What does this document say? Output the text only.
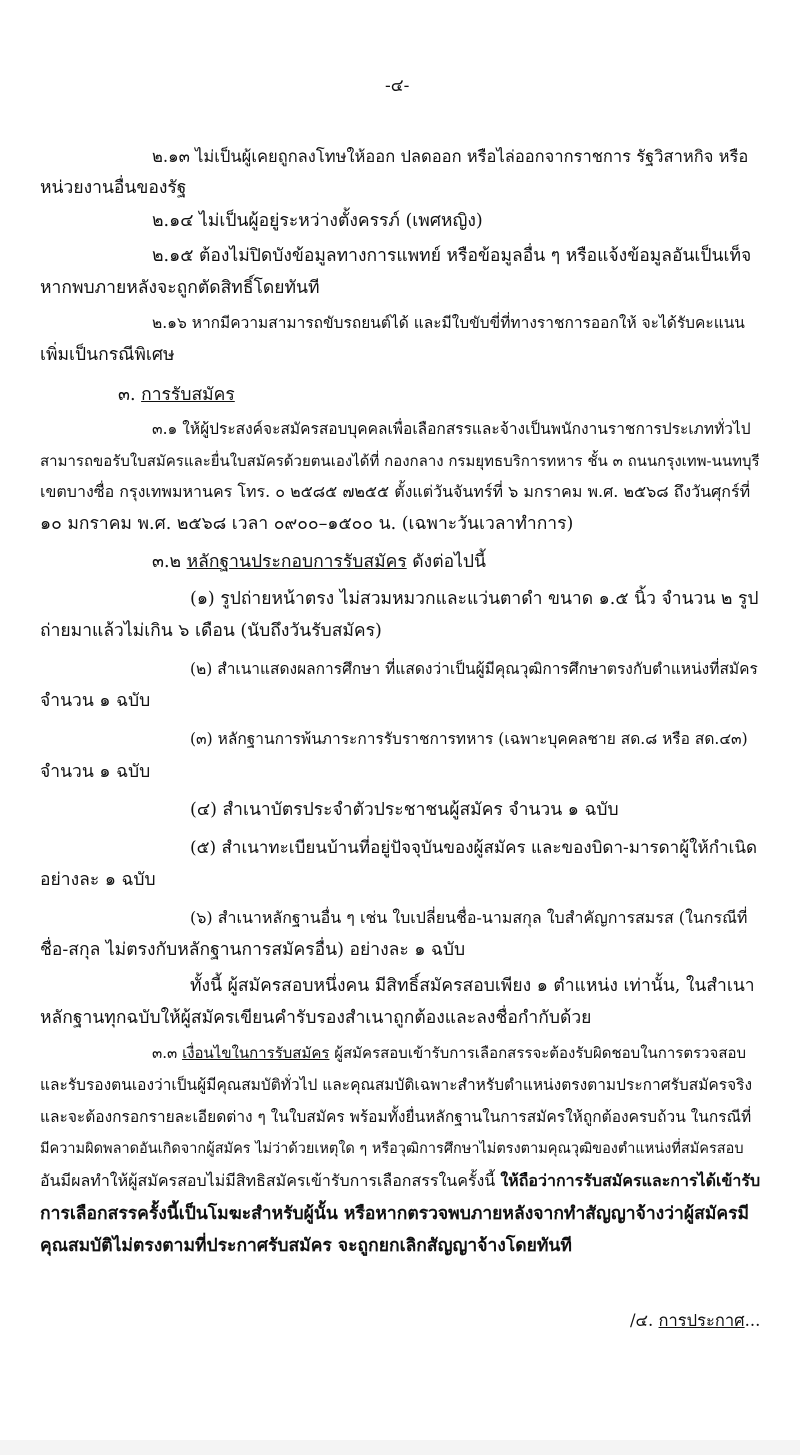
-๔-
๒.๑๓ ไม่เป็นผู้เคยถูกลงโทษให้ออก ปลดออก หรือไล่ออกจากราชการ รัฐวิสาหกิจ หรือ
หน่วยงานอื่นของรัฐ
๒.๑๔ ไม่เป็นผู้อยู่ระหว่างตั้งครรภ์ (เพศหญิง)
๒.๑๕ ต้องไม่ปิดบังข้อมูลทางการแพทย์ หรือข้อมูลอื่น ๆ หรือแจ้งข้อมูลอันเป็นเท็จ
หากพบภายหลังจะถูกตัดสิทธิ์โดยทันที
๒.๑๖ หากมีความสามารถขับรถยนต์ได้ และมีใบขับขี่ที่ทางราชการออกให้ จะได้รับคะแนน
เพิ่มเป็นกรณีพิเศษ
๓. การรับสมัคร
๓.๑ ให้ผู้ประสงค์จะสมัครสอบบุคคลเพื่อเลือกสรรและจ้างเป็นพนักงานราชการประเภททั่วไป
สามารถขอรับใบสมัครและยื่นใบสมัครด้วยตนเองได้ที่ กองกลาง กรมยุทธบริการทหาร ชั้น ๓ ถนนกรุงเทพ-นนทบุรี
เขตบางซื่อ กรุงเทพมหานคร โทร. ๐ ๒๕๘๕ ๗๒๕๕ ตั้งแต่วันจันทร์ที่ ๖ มกราคม พ.ศ. ๒๕๖๘ ถึงวันศุกร์ที่
๑๐ มกราคม พ.ศ. ๒๕๖๘ เวลา ๐๙๐๐–๑๕๐๐ น. (เฉพาะวันเวลาทำการ)
๓.๒ หลักฐานประกอบการรับสมัคร ดังต่อไปนี้
(๑) รูปถ่ายหน้าตรง ไม่สวมหมวกและแว่นตาดำ ขนาด ๑.๕ นิ้ว จำนวน ๒ รูป
ถ่ายมาแล้วไม่เกิน ๖ เดือน (นับถึงวันรับสมัคร)
(๒) สำเนาแสดงผลการศึกษา ที่แสดงว่าเป็นผู้มีคุณวุฒิการศึกษาตรงกับตำแหน่งที่สมัคร
จำนวน ๑ ฉบับ
(๓) หลักฐานการพ้นภาระการรับราชการทหาร (เฉพาะบุคคลชาย สด.๘ หรือ สด.๔๓)
จำนวน ๑ ฉบับ
(๔) สำเนาบัตรประจำตัวประชาชนผู้สมัคร จำนวน ๑ ฉบับ
(๕) สำเนาทะเบียนบ้านที่อยู่ปัจจุบันของผู้สมัคร และของบิดา-มารดาผู้ให้กำเนิด
อย่างละ ๑ ฉบับ
(๖) สำเนาหลักฐานอื่น ๆ เช่น ใบเปลี่ยนชื่อ-นามสกุล ใบสำคัญการสมรส (ในกรณีที่
ชื่อ-สกุล ไม่ตรงกับหลักฐานการสมัครอื่น) อย่างละ ๑ ฉบับ
ทั้งนี้ ผู้สมัครสอบหนึ่งคน มีสิทธิ์สมัครสอบเพียง ๑ ตำแหน่ง เท่านั้น, ในสำเนา
หลักฐานทุกฉบับให้ผู้สมัครเขียนคำรับรองสำเนาถูกต้องและลงชื่อกำกับด้วย
๓.๓ เงื่อนไขในการรับสมัคร ผู้สมัครสอบเข้ารับการเลือกสรรจะต้องรับผิดชอบในการตรวจสอบ
และรับรองตนเองว่าเป็นผู้มีคุณสมบัติทั่วไป และคุณสมบัติเฉพาะสำหรับตำแหน่งตรงตามประกาศรับสมัครจริง
และจะต้องกรอกรายละเอียดต่าง ๆ ในใบสมัคร พร้อมทั้งยื่นหลักฐานในการสมัครให้ถูกต้องครบถ้วน ในกรณีที่
มีความผิดพลาดอันเกิดจากผู้สมัคร ไม่ว่าด้วยเหตุใด ๆ หรือวุฒิการศึกษาไม่ตรงตามคุณวุฒิของตำแหน่งที่สมัครสอบ
อันมีผลทำให้ผู้สมัครสอบไม่มีสิทธิสมัครเข้ารับการเลือกสรรในครั้งนี้ ให้ถือว่าการรับสมัครและการได้เข้ารับ
การเลือกสรรครั้งนี้เป็นโมฆะสำหรับผู้นั้น หรือหากตรวจพบภายหลังจากทำสัญญาจ้างว่าผู้สมัครมี
คุณสมบัติไม่ตรงตามที่ประกาศรับสมัคร จะถูกยกเลิกสัญญาจ้างโดยทันที
/๔. การประกาศ...
